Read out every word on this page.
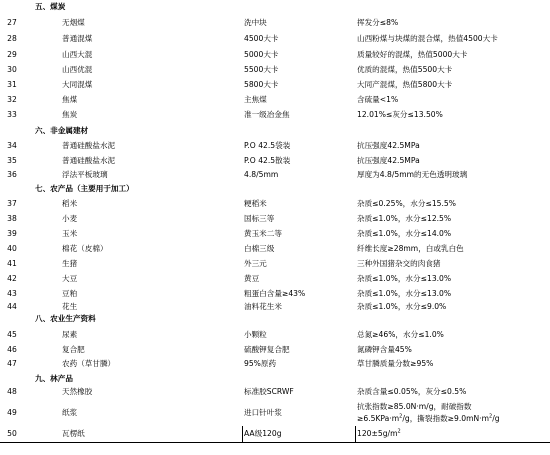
五、煤炭
27	无烟煤	洗中块	挥发分≤8%
28	普通混煤	4500大卡	山西粉煤与块煤的混合煤，热值4500大卡
29	山西大混	5000大卡	质量较好的混煤，热值5000大卡
30	山西优混	5500大卡	优质的混煤，热值5500大卡
31	大同混煤	5800大卡	大同产混煤，热值5800大卡
32	焦煤	主焦煤	含硫量<1%
33	焦炭	准一级冶金焦	12.01%≤灰分≤13.50%
六、非金属建材
34	普通硅酸盐水泥	P.O 42.5袋装	抗压强度42.5MPa
35	普通硅酸盐水泥	P.O 42.5散装	抗压强度42.5MPa
36	浮法平板玻璃	4.8/5mm	厚度为4.8/5mm的无色透明玻璃
七、农产品（主要用于加工）
37	稻米	粳稻米	杂质≤0.25%，水分≤15.5%
38	小麦	国标三等	杂质≤1.0%，水分≤12.5%
39	玉米	黄玉米二等	杂质≤1.0%，水分≤14.0%
40	棉花（皮棉）	白棉三级	纤维长度≥28mm，白或乳白色
41	生猪	外三元	三种外国猪杂交的肉食猪
42	大豆	黄豆	杂质≤1.0%，水分≤13.0%
43	豆粕	粗蛋白含量≥43%	杂质≤1.0%，水分≤13.0%
44	花生	油料花生米	杂质≤1.0%，水分≤9.0%
八、农业生产资料
45	尿素	小颗粒	总氮≥46%，水分≤1.0%
46	复合肥	硫酸钾复合肥	氮磷钾含量45%
47	农药（草甘膦）	95%原药	草甘膦质量分数≥95%
九、林产品
48	天然橡胶	标准胶SCRWF	杂质含量≤0.05%，灰分≤0.5%
49	纸浆	进口针叶浆
抗张指数≥85.0N·m/g，耐破指数
$\ge 6.5KPa\cdot m^2/g$，撕裂指数$\ge 9.0mN\cdot m^2/g$
50	瓦楞纸	AA级120g	$120\pm 5g/m^2$
